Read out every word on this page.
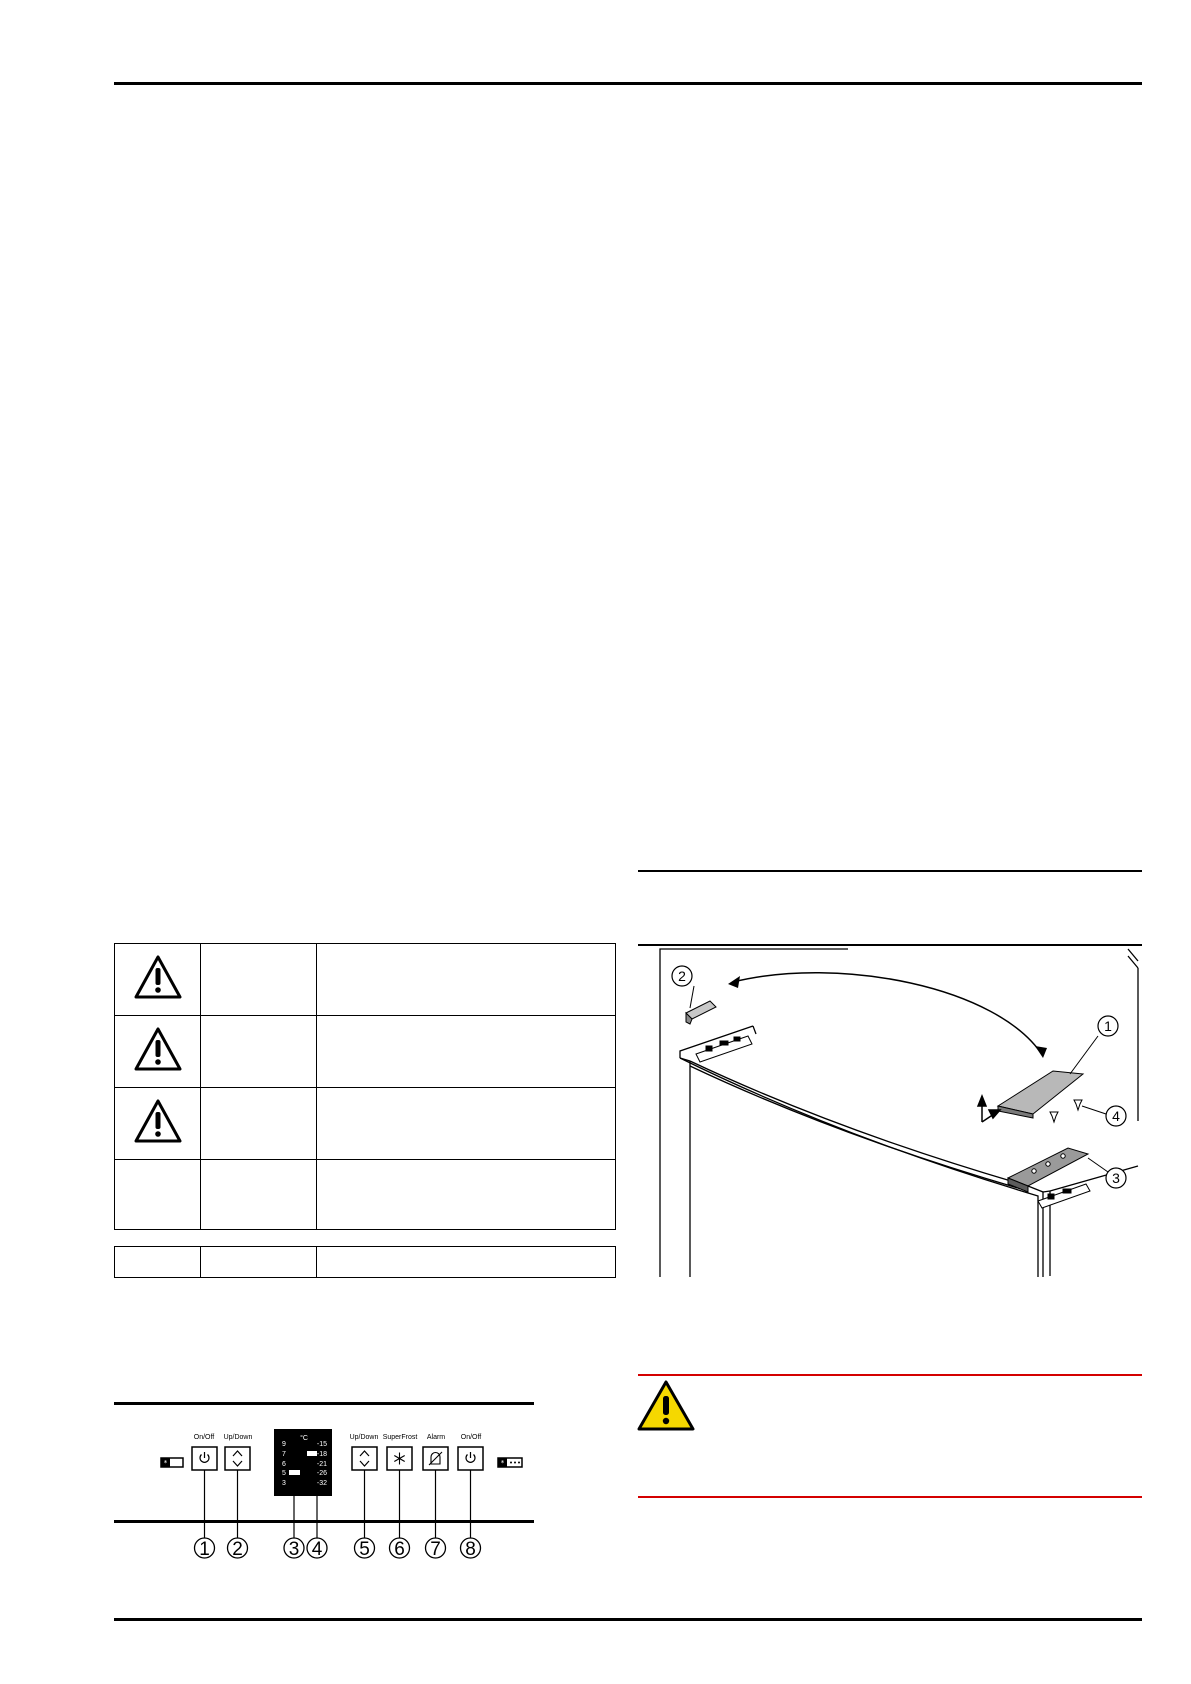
*
On/Off Up/Down	Up/Down SuperFrost Alarm On/Off
°C
9
7
6
5
3
-15
-18
-21
-26
-32
*
1 2 3 4 5 6 7 8
2
1
4
3
